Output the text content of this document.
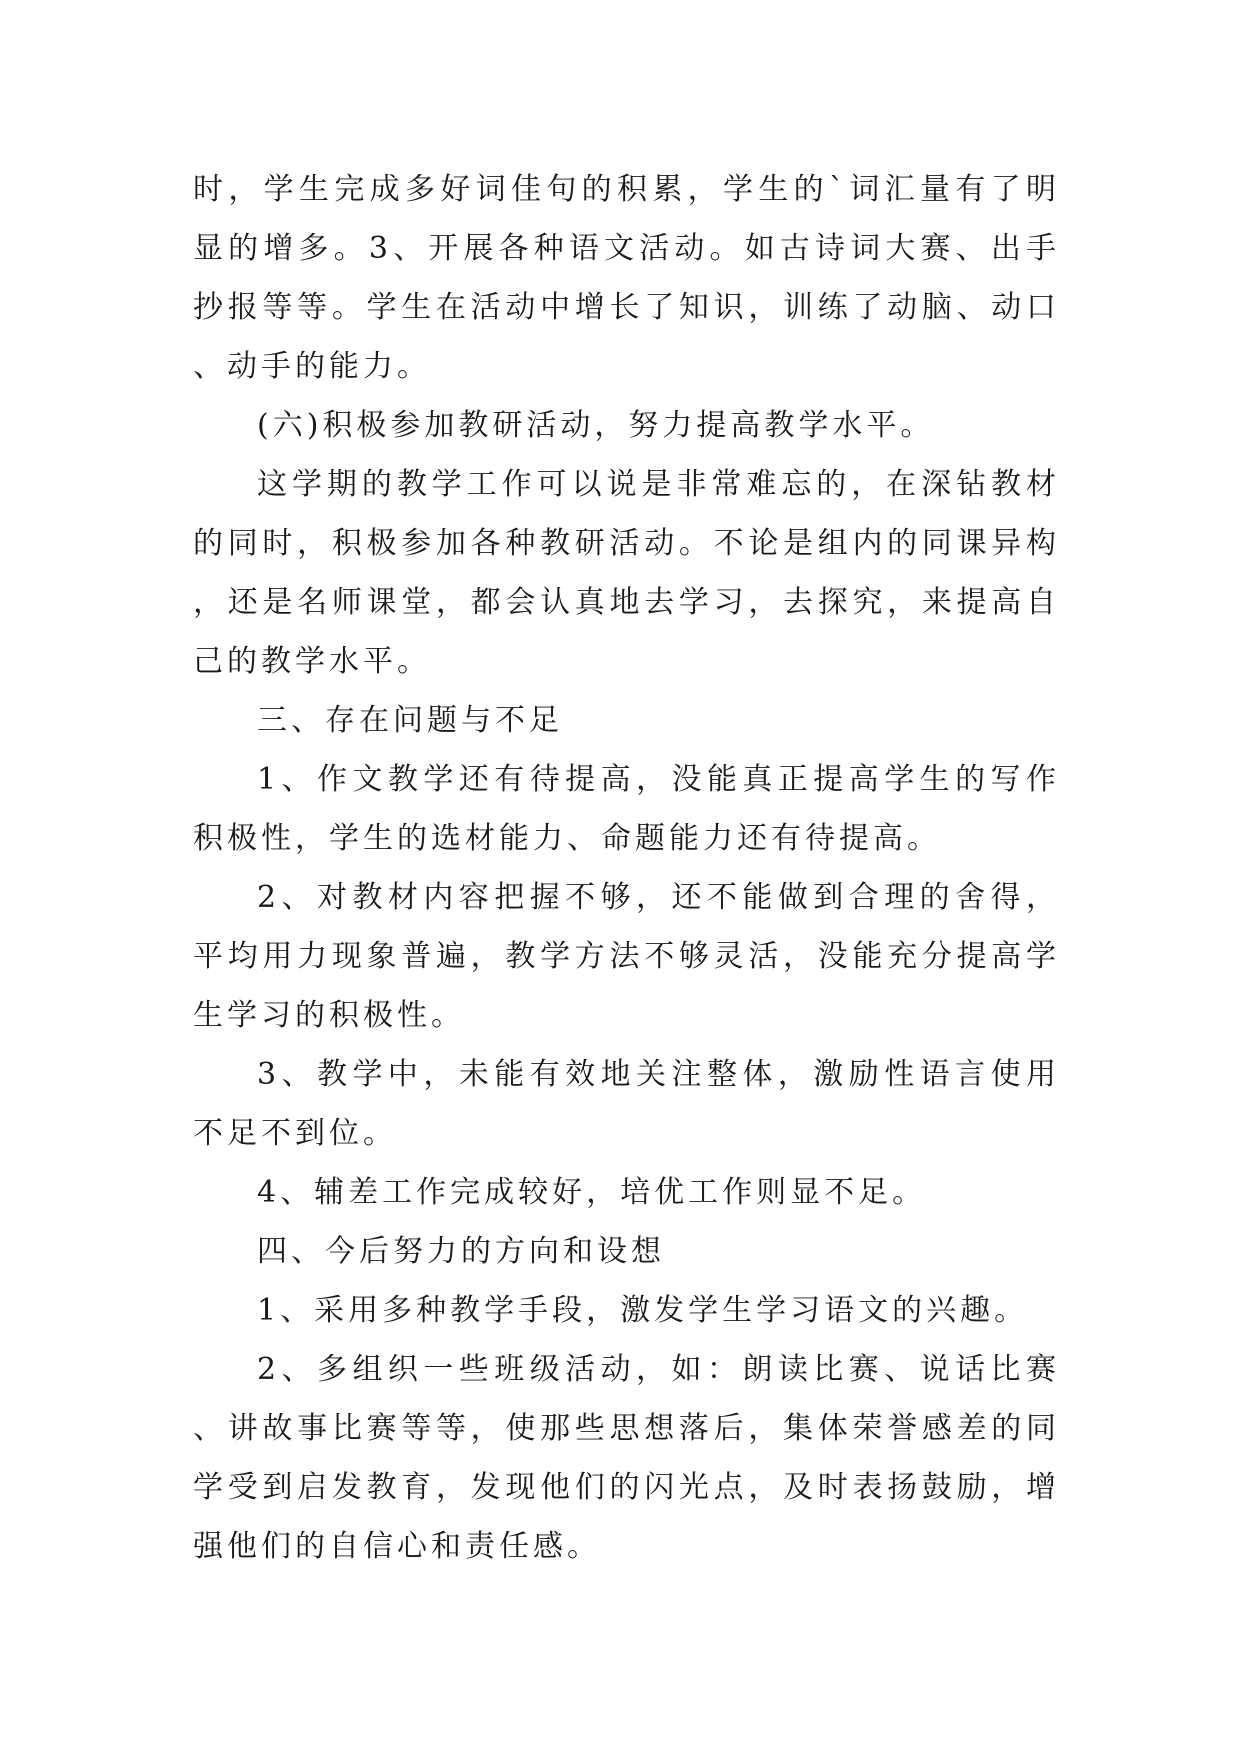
时，学生完成多好词佳句的积累，学生的`词汇量有了明显的增多。3、开展各种语文活动。如古诗词大赛、出手抄报等等。学生在活动中增长了知识，训练了动脑、动口、动手的能力。

(六)积极参加教研活动，努力提高教学水平。

这学期的教学工作可以说是非常难忘的，在深钻教材的同时，积极参加各种教研活动。不论是组内的同课异构，还是名师课堂，都会认真地去学习，去探究，来提高自己的教学水平。

三、存在问题与不足

1、作文教学还有待提高，没能真正提高学生的写作积极性，学生的选材能力、命题能力还有待提高。

2、对教材内容把握不够，还不能做到合理的舍得，平均用力现象普遍，教学方法不够灵活，没能充分提高学生学习的积极性。

3、教学中，未能有效地关注整体，激励性语言使用不足不到位。

4、辅差工作完成较好，培优工作则显不足。

四、今后努力的方向和设想

1、采用多种教学手段，激发学生学习语文的兴趣。

2、多组织一些班级活动，如：朗读比赛、说话比赛、讲故事比赛等等，使那些思想落后，集体荣誉感差的同学受到启发教育，发现他们的闪光点，及时表扬鼓励，增强他们的自信心和责任感。
